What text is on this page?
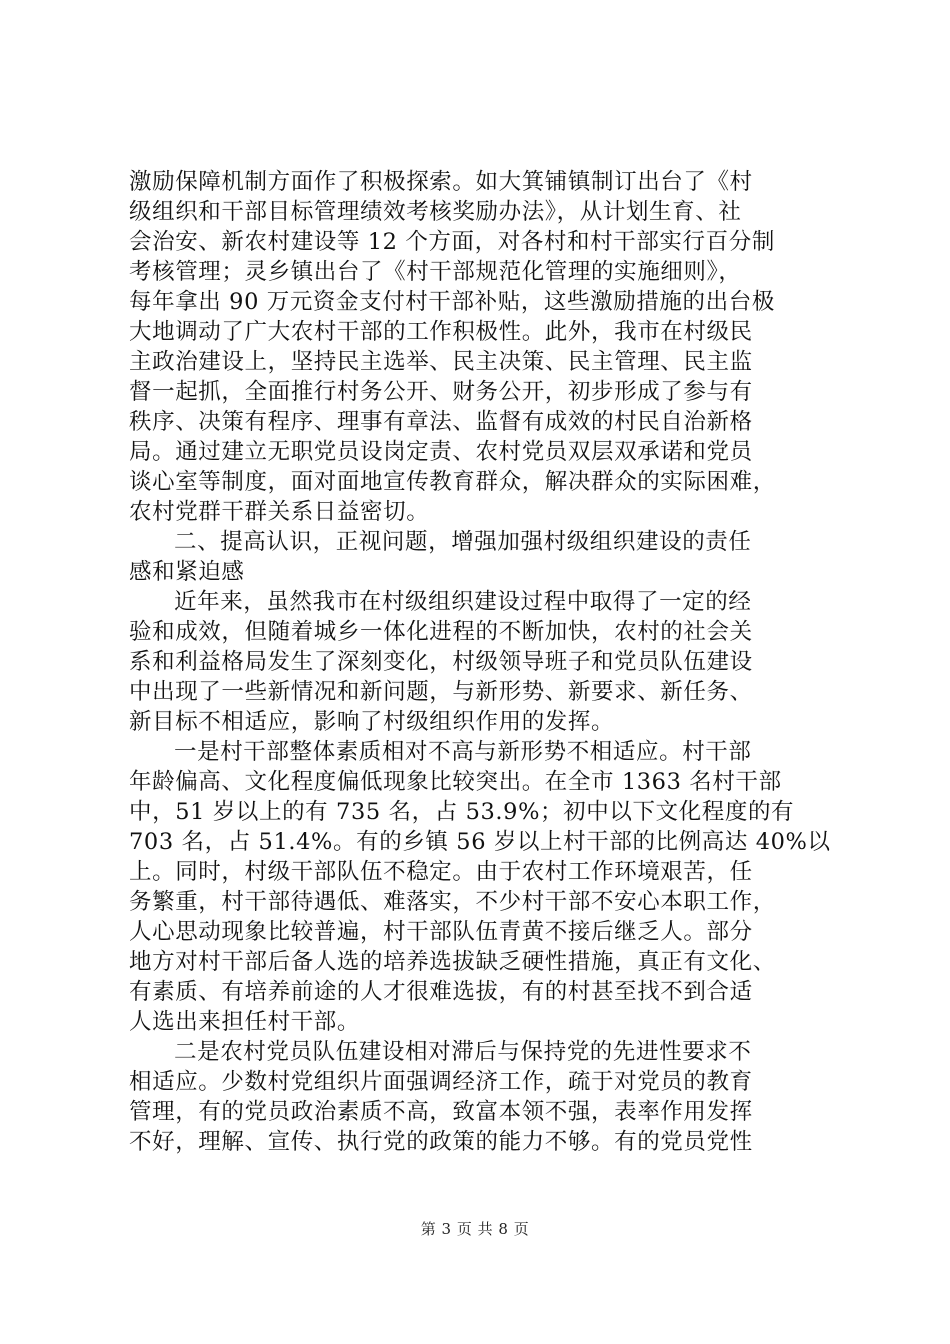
激励保障机制方面作了积极探索。如大箕铺镇制订出台了《村
级组织和干部目标管理绩效考核奖励办法》，从计划生育、社
会治安、新农村建设等 12 个方面，对各村和村干部实行百分制
考核管理；灵乡镇出台了《村干部规范化管理的实施细则》，
每年拿出 90 万元资金支付村干部补贴，这些激励措施的出台极
大地调动了广大农村干部的工作积极性。此外，我市在村级民
主政治建设上，坚持民主选举、民主决策、民主管理、民主监
督一起抓，全面推行村务公开、财务公开，初步形成了参与有
秩序、决策有程序、理事有章法、监督有成效的村民自治新格
局。通过建立无职党员设岗定责、农村党员双层双承诺和党员
谈心室等制度，面对面地宣传教育群众，解决群众的实际困难，
农村党群干群关系日益密切。
二、提高认识，正视问题，增强加强村级组织建设的责任
感和紧迫感
近年来，虽然我市在村级组织建设过程中取得了一定的经
验和成效，但随着城乡一体化进程的不断加快，农村的社会关
系和利益格局发生了深刻变化，村级领导班子和党员队伍建设
中出现了一些新情况和新问题，与新形势、新要求、新任务、
新目标不相适应，影响了村级组织作用的发挥。
一是村干部整体素质相对不高与新形势不相适应。村干部
年龄偏高、文化程度偏低现象比较突出。在全市 1363 名村干部
中，51 岁以上的有 735 名，占 53.9%；初中以下文化程度的有
703 名，占 51.4%。有的乡镇 56 岁以上村干部的比例高达 40%以
上。同时，村级干部队伍不稳定。由于农村工作环境艰苦，任
务繁重，村干部待遇低、难落实，不少村干部不安心本职工作，
人心思动现象比较普遍，村干部队伍青黄不接后继乏人。部分
地方对村干部后备人选的培养选拔缺乏硬性措施，真正有文化、
有素质、有培养前途的人才很难选拔，有的村甚至找不到合适
人选出来担任村干部。
二是农村党员队伍建设相对滞后与保持党的先进性要求不
相适应。少数村党组织片面强调经济工作，疏于对党员的教育
管理，有的党员政治素质不高，致富本领不强，表率作用发挥
不好，理解、宣传、执行党的政策的能力不够。有的党员党性
第 3 页 共 8 页
